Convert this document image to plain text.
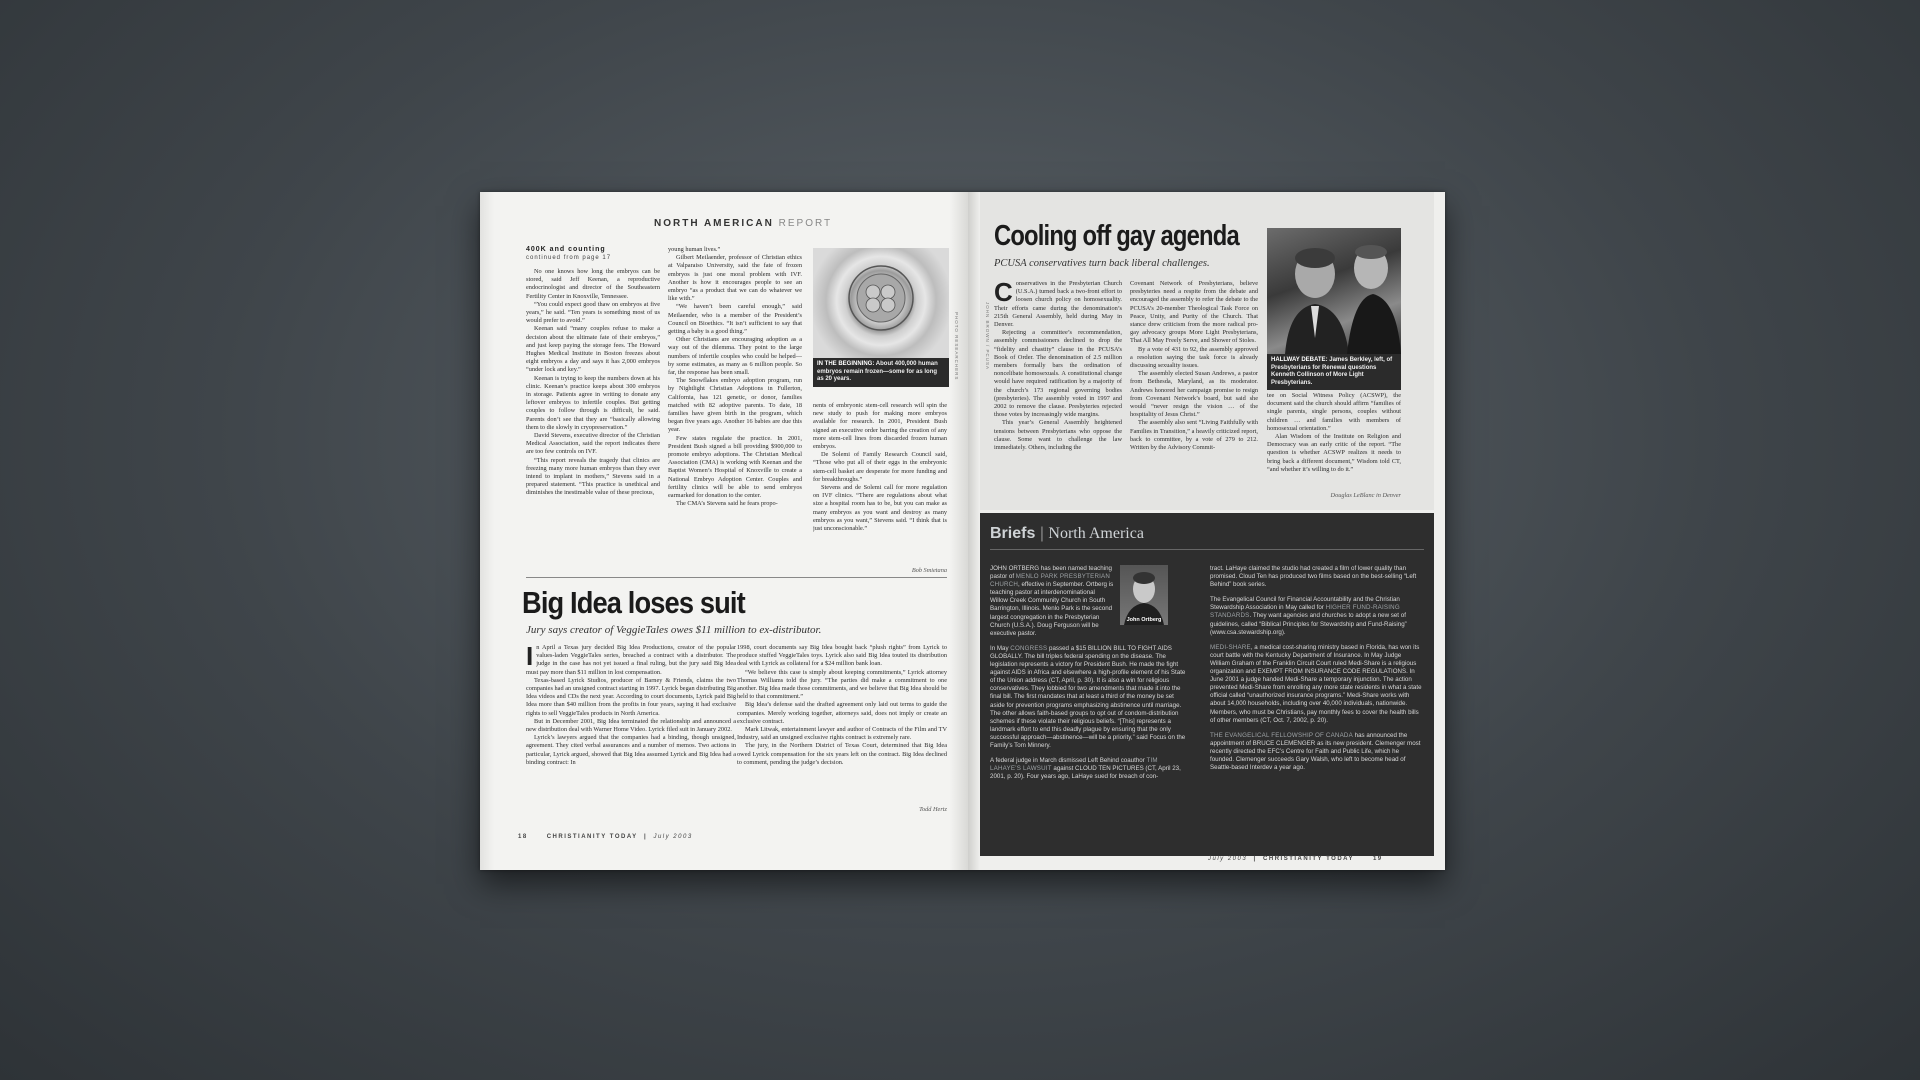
NORTH AMERICAN REPORT
400K and counting
continued from page 17

No one knows how long the embryos can be stored, said Jeff Keenan, a reproductive endocrinologist and director of the Southeastern Fertility Center in Knoxville, Tennessee.

“You could expect good thaw on embryos at five years,” he said. “Ten years is something most of us would prefer to avoid.”

Keenan said “many couples refuse to make a decision about the ultimate fate of their embryos,” and just keep paying the storage fees. The Howard Hughes Medical Institute in Boston freezes about eight embryos a day and says it has 2,000 embryos “under lock and key.”

Keenan is trying to keep the numbers down at his clinic. Keenan’s practice keeps about 300 embryos in storage. Patients agree in writing to donate any leftover embryos to infertile couples. But getting couples to follow through is difficult, he said. Parents don’t see that they are “basically allowing them to die slowly in cryopreservation.”

David Stevens, executive director of the Christian Medical Association, said the report indicates there are too few controls on IVF.

“This report reveals the tragedy that clinics are freezing many more human embryos than they ever intend to implant in mothers,” Stevens said in a prepared statement. “This practice is unethical and diminishes the inestimable value of these precious,

young human lives.”

Gilbert Meilaender, professor of Christian ethics at Valparaiso University, said the fate of frozen embryos is just one moral problem with IVF. Another is how it encourages people to see an embryo “as a product that we can do whatever we like with.”

“We haven’t been careful enough,” said Meilaender, who is a member of the President’s Council on Bioethics. “It isn’t sufficient to say that getting a baby is a good thing.”

Other Christians are encouraging adoption as a way out of the dilemma. They point to the large numbers of infertile couples who could be helped—by some estimates, as many as 6 million people. So far, the response has been small.

The Snowflakes embryo adoption program, run by Nightlight Christian Adoptions in Fullerton, California, has 121 genetic, or donor, families matched with 82 adoptive parents. To date, 18 families have given birth in the program, which began five years ago. Another 16 babies are due this year.

Few states regulate the practice. In 2001, President Bush signed a bill providing $900,000 to promote embryo adoptions. The Christian Medical Association (CMA) is working with Keenan and the Baptist Women’s Hospital of Knoxville to create a National Embryo Adoption Center. Couples and fertility clinics will be able to send embryos earmarked for donation to the center.

The CMA’s Stevens said he fears propo-

IN THE BEGINNING: About 400,000 human embryos remain frozen—some for as long as 20 years.	PHOTO RESEARCHERS

nents of embryonic stem-cell research will spin the new study to push for making more embryos available for research. In 2001, President Bush signed an executive order barring the creation of any more stem-cell lines from discarded frozen human embryos.

De Solemi of Family Research Council said, “Those who put all of their eggs in the embryonic stem-cell basket are desperate for more funding and for breakthroughs.”

Stevens and de Solemi call for more regulation on IVF clinics. “There are regulations about what size a hospital room has to be, but you can make as many embryos as you want and destroy as many embryos as you want,” Stevens said. “I think that is just unconscionable.”

Bob Smietana
Big Idea loses suit
Jury says creator of VeggieTales owes $11 million to ex-distributor.
I n April a Texas jury decided Big Idea Productions, creator of the popular values-laden VeggieTales series, breached a contract with a distributor. The judge in the case has not yet issued a final ruling, but the jury said Big Idea must pay more than $11 million in lost compensation.

Texas-based Lyrick Studios, producer of Barney & Friends, claims the two companies had an unsigned contract starting in 1997. Lyrick began distributing Big Idea videos and CDs the next year. According to court documents, Lyrick paid Big Idea more than $40 million from the profits in four years, saying it had exclusive rights to sell VeggieTales products in North America.

But in December 2001, Big Idea terminated the relationship and announced a new distribution deal with Warner Home Video. Lyrick filed suit in January 2002.

Lyrick’s lawyers argued that the companies had a binding, though unsigned, agreement. They cited verbal assurances and a number of memos. Two actions in particular, Lyrick argued, showed that Big Idea assumed Lyrick and Big Idea had a binding contract: In

1998, court documents say Big Idea bought back “plush rights” from Lyrick to produce stuffed VeggieTales toys. Lyrick also said Big Idea touted its distribution deal with Lyrick as collateral for a $24 million bank loan.

“We believe this case is simply about keeping commitments,” Lyrick attorney Thomas Williams told the jury. “The parties did make a commitment to one another. Big Idea made those commitments, and we believe that Big Idea should be held to that commitment.”

Big Idea’s defense said the drafted agreement only laid out terms to guide the companies. Merely working together, attorneys said, does not imply or create an exclusive contract.

Mark Litwak, entertainment lawyer and author of Contracts of the Film and TV Industry, said an unsigned exclusive rights contract is extremely rare.

The jury, in the Northern District of Texas Court, determined that Big Idea owed Lyrick compensation for the six years left on the contract. Big Idea declined to comment, pending the judge’s decision.

Todd Hertz
18	CHRISTIANITY TODAY  |  July 2003
Cooling off gay agenda
PCUSA conservatives turn back liberal challenges.
C onservatives in the Presbyterian Church (U.S.A.) turned back a two-front effort to loosen church policy on homosexuality. Their efforts came during the denomination’s 215th General Assembly, held during May in Denver.

Rejecting a committee’s recommendation, assembly commissioners declined to drop the “fidelity and chastity” clause in the PCUSA’s Book of Order. The denomination of 2.5 million members formally bars the ordination of noncelibate homosexuals. A constitutional change would have required ratification by a majority of the church’s 173 regional governing bodies (presbyteries). The assembly voted in 1997 and 2002 to remove the clause. Presbyteries rejected those votes by increasingly wide margins.

This year’s General Assembly heightened tensions between Presbyterians who oppose the clause. Some want to challenge the law immediately. Others, including the

Covenant Network of Presbyterians, believe presbyteries need a respite from the debate and encouraged the assembly to refer the debate to the PCUSA’s 20-member Theological Task Force on Peace, Unity, and Purity of the Church. That stance drew criticism from the more radical pro-gay advocacy groups More Light Presbyterians, That All May Freely Serve, and Shower of Stoles.

By a vote of 431 to 92, the assembly approved a resolution saying the task force is already discussing sexuality issues.

The assembly elected Susan Andrews, a pastor from Bethesda, Maryland, as its moderator. Andrews honored her campaign promise to resign from Covenant Network’s board, but said she would “never resign the vision … of the hospitality of Jesus Christ.”

The assembly also sent “Living Faithfully with Families in Transition,” a heavily criticized report, back to committee, by a vote of 279 to 212. Written by the Advisory Commit-

HALLWAY DEBATE: James Berkley, left, of Presbyterians for Renewal questions Kenneth Collinson of More Light Presbyterians.
JOHN BROWN / PCUSA

tee on Social Witness Policy (ACSWP), the document said the church should affirm “families of single parents, single persons, couples without children … and families with members of homosexual orientation.”

Alan Wisdom of the Institute on Religion and Democracy was an early critic of the report. “The question is whether ACSWP realizes it needs to bring back a different document,” Wisdom told CT, “and whether it’s willing to do it.”

Douglas LeBlanc in Denver
Briefs | North America
John Ortberg

JOHN ORTBERG has been named teaching pastor of MENLO PARK PRESBYTERIAN CHURCH, effective in September. Ortberg is teaching pastor at interdenominational Willow Creek Community Church in South Barrington, Illinois. Menlo Park is the second largest congregation in the Presbyterian Church (U.S.A.). Doug Ferguson will be executive pastor.

In May CONGRESS passed a $15 BILLION BILL TO FIGHT AIDS GLOBALLY. The bill triples federal spending on the disease. The legislation represents a victory for President Bush. He made the fight against AIDS in Africa and elsewhere a high-profile element of his State of the Union address (CT, April, p. 30). It is also a win for religious conservatives. They lobbied for two amendments that made it into the final bill. The first mandates that at least a third of the money be set aside for prevention programs emphasizing abstinence until marriage. The other allows faith-based groups to opt out of condom-distribution schemes if these violate their religious beliefs. “[This] represents a landmark effort to end this deadly plague by ensuring that the only successful approach—abstinence—will be a priority,” said Focus on the Family’s Tom Minnery.

A federal judge in March dismissed Left Behind coauthor TIM LAHAYE’S LAWSUIT against CLOUD TEN PICTURES (CT, April 23, 2001, p. 20). Four years ago, LaHaye sued for breach of con-

tract. LaHaye claimed the studio had created a film of lower quality than promised. Cloud Ten has produced two films based on the best-selling “Left Behind” book series.

The Evangelical Council for Financial Accountability and the Christian Stewardship Association in May called for HIGHER FUND-RAISING STANDARDS. They want agencies and churches to adopt a new set of guidelines, called “Biblical Principles for Stewardship and Fund-Raising” (www.csa.stewardship.org).

MEDI-SHARE, a medical cost-sharing ministry based in Florida, has won its court battle with the Kentucky Department of Insurance. In May Judge William Graham of the Franklin Circuit Court ruled Medi-Share is a religious organization and EXEMPT FROM INSURANCE CODE REGULATIONS. In June 2001 a judge handed Medi-Share a temporary injunction. The action prevented Medi-Share from enrolling any more state residents in what a state official called “unauthorized insurance programs.” Medi-Share works with about 14,000 households, including over 40,000 individuals, nationwide. Members, who must be Christians, pay monthly fees to cover the health bills of other members (CT, Oct. 7, 2002, p. 20).

THE EVANGELICAL FELLOWSHIP OF CANADA has announced the appointment of BRUCE CLEMENGER as its new president. Clemenger most recently directed the EFC’s Centre for Faith and Public Life, which he founded. Clemenger succeeds Gary Walsh, who left to become head of Seattle-based Interdev a year ago.

July 2003  |  CHRISTIANITY TODAY	19
